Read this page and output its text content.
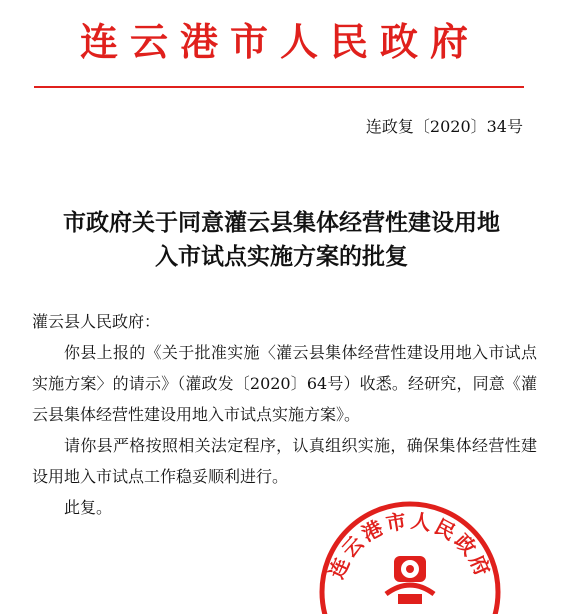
连云港市人民政府
连政复〔2020〕34号
市政府关于同意灌云县集体经营性建设用地
入市试点实施方案的批复

灌云县人民政府：

你县上报的《关于批准实施〈灌云县集体经营性建设用地入市试点实施方案〉的请示》（灌政发〔2020〕64号）收悉。经研究，同意《灌云县集体经营性建设用地入市试点实施方案》。

请你县严格按照相关法定程序，认真组织实施，确保集体经营性建设用地入市试点工作稳妥顺利进行。

此复。

连云港市人民政府
